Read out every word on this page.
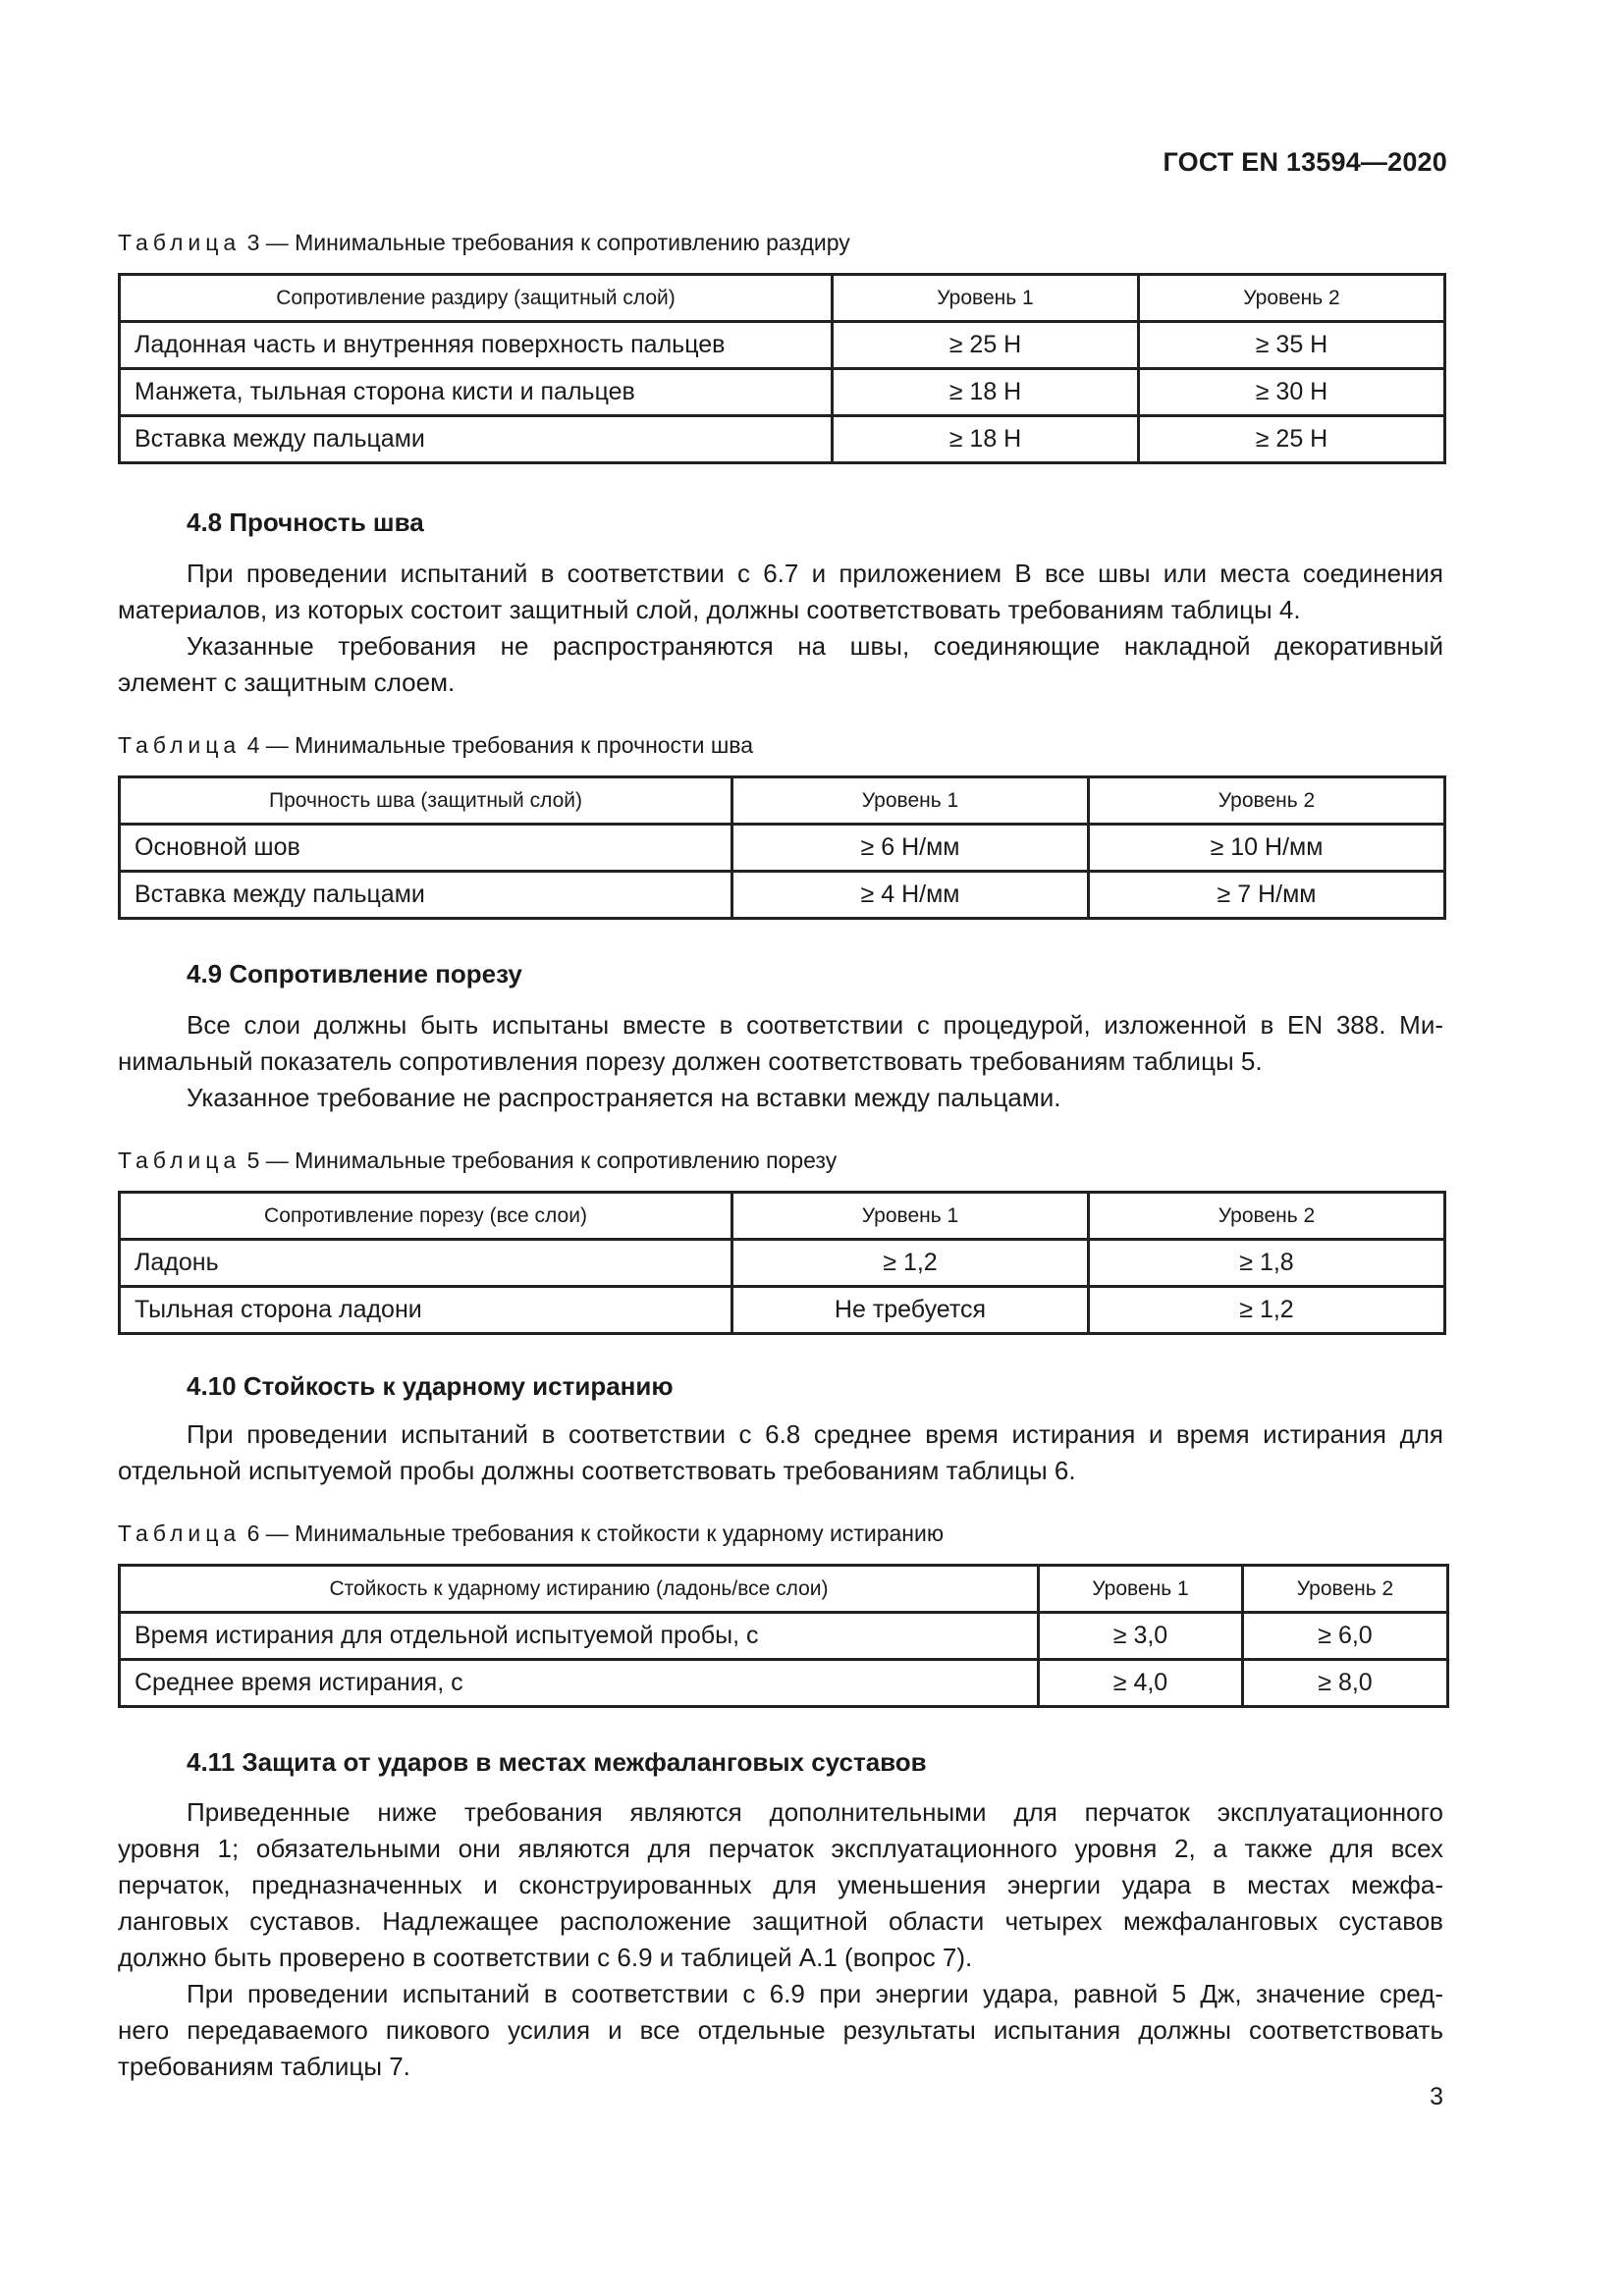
ГОСТ EN 13594—2020
Таблица 3 — Минимальные требования к сопротивлению раздиру
Сопротивление раздиру (защитный слой)	Уровень 1	Уровень 2
Ладонная часть и внутренняя поверхность пальцев	≥ 25 Н	≥ 35 Н
Манжета, тыльная сторона кисти и пальцев	≥ 18 Н	≥ 30 Н
Вставка между пальцами	≥ 18 Н	≥ 25 Н
4.8 Прочность шва
При проведении испытаний в соответствии с 6.7 и приложением В все швы или места соединения
материалов, из которых состоит защитный слой, должны соответствовать требованиям таблицы 4.
Указанные требования не распространяются на швы, соединяющие накладной декоративный
элемент с защитным слоем.
Таблица 4 — Минимальные требования к прочности шва
Прочность шва (защитный слой)	Уровень 1	Уровень 2
Основной шов	≥ 6 Н/мм	≥ 10 Н/мм
Вставка между пальцами	≥ 4 Н/мм	≥ 7 Н/мм
4.9 Сопротивление порезу
Все слои должны быть испытаны вместе в соответствии с процедурой, изложенной в EN 388. Ми-
нимальный показатель сопротивления порезу должен соответствовать требованиям таблицы 5.
Указанное требование не распространяется на вставки между пальцами.
Таблица 5 — Минимальные требования к сопротивлению порезу
Сопротивление порезу (все слои)	Уровень 1	Уровень 2
Ладонь	≥ 1,2	≥ 1,8
Тыльная сторона ладони	Не требуется	≥ 1,2
4.10 Стойкость к ударному истиранию
При проведении испытаний в соответствии с 6.8 среднее время истирания и время истирания для
отдельной испытуемой пробы должны соответствовать требованиям таблицы 6.
Таблица 6 — Минимальные требования к стойкости к ударному истиранию
Стойкость к ударному истиранию (ладонь/все слои)	Уровень 1	Уровень 2
Время истирания для отдельной испытуемой пробы, с	≥ 3,0	≥ 6,0
Среднее время истирания, с	≥ 4,0	≥ 8,0
4.11 Защита от ударов в местах межфаланговых суставов
Приведенные ниже требования являются дополнительными для перчаток эксплуатационного
уровня 1; обязательными они являются для перчаток эксплуатационного уровня 2, а также для всех
перчаток, предназначенных и сконструированных для уменьшения энергии удара в местах межфа-
ланговых суставов. Надлежащее расположение защитной области четырех межфаланговых суставов
должно быть проверено в соответствии с 6.9 и таблицей А.1 (вопрос 7).
При проведении испытаний в соответствии с 6.9 при энергии удара, равной 5 Дж, значение сред-
него передаваемого пикового усилия и все отдельные результаты испытания должны соответствовать
требованиям таблицы 7.
3
